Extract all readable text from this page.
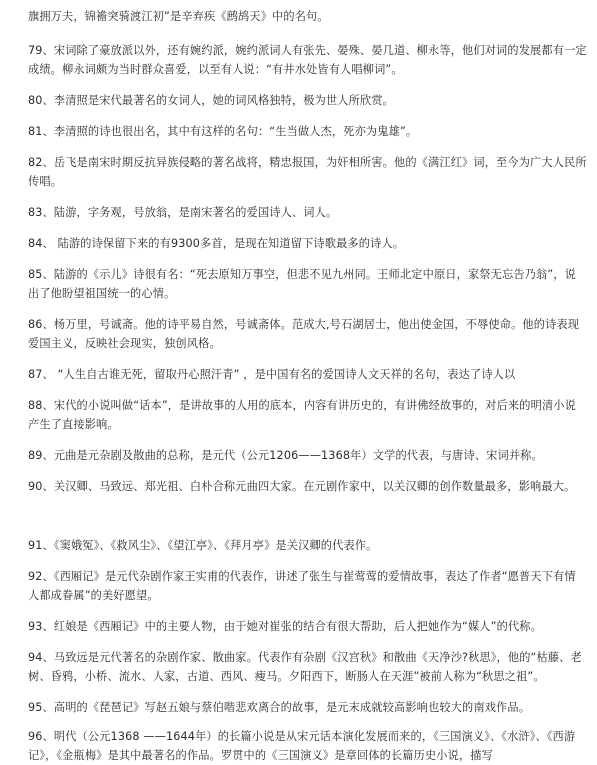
旗拥万夫，锦襜突骑渡江初”是辛弃疾《鹧鸪天》中的名句。

79、宋词除了豪放派以外，还有婉约派，婉约派词人有张先、晏殊、晏几道、柳永等，他们对词的发展都有一定成绩。柳永词颇为当时群众喜爱，以至有人说：“有井水处皆有人唱柳词”。

80、李清照是宋代最著名的女词人，她的词风格独特，极为世人所欣赏。

81、李清照的诗也很出名，其中有这样的名句：“生当做人杰，死亦为鬼雄”。

82、岳飞是南宋时期反抗异族侵略的著名战将，精忠报国，为奸相所害。他的《满江红》词，至今为广大人民所传唱。

83、陆游，字务观，号放翁，是南宋著名的爱国诗人、词人。

84、 陆游的诗保留下来的有9300多首，是现在知道留下诗歌最多的诗人。

85、陆游的《示儿》诗很有名：“死去原知万事空，但悲不见九州同。王师北定中原日，家祭无忘告乃翁”，说出了他盼望祖国统一的心情。

86、杨万里，号诚斋。他的诗平易自然，号诚斋体。范成大,号石湖居士，他出使金国，不辱使命。他的诗表现爱国主义，反映社会现实，独创风格。

87、 “人生自古谁无死，留取丹心照汗青” ，是中国有名的爱国诗人文天祥的名句，表达了诗人以

88、宋代的小说叫做“话本”，是讲故事的人用的底本，内容有讲历史的，有讲佛经故事的，对后来的明清小说产生了直接影响。

89、元曲是元杂剧及散曲的总称，是元代（公元1206——1368年）文学的代表，与唐诗、宋词并称。

90、关汉卿、马致远、郑光祖、白朴合称元曲四大家。在元剧作家中，以关汉卿的创作数量最多，影响最大。

91、《窦娥冤》、《救风尘》、《望江亭》、《拜月亭》是关汉卿的代表作。

92、《西厢记》是元代杂剧作家王实甫的代表作，讲述了张生与崔莺莺的爱情故事，表达了作者“愿普天下有情人都成眷属”的美好愿望。

93、红娘是《西厢记》中的主要人物，由于她对崔张的结合有很大帮助，后人把她作为“媒人”的代称。

94、马致远是元代著名的杂剧作家、散曲家。代表作有杂剧《汉宫秋》和散曲《天净沙?秋思》，他的“枯藤、老树、昏鸦，小桥、流水、人家，古道、西风、瘦马。夕阳西下，断肠人在天涯”被前人称为“秋思之祖”。

95、高明的《琵琶记》写赵五娘与蔡伯喈悲欢离合的故事，是元末成就较高影响也较大的南戏作品。

96、明代（公元1368 ——1644年）的长篇小说是从宋元话本演化发展而来的，《三国演义》、《水浒》、《西游记》，《金瓶梅》是其中最著名的作品。罗贯中的《三国演义》是章回体的长篇历史小说，描写
